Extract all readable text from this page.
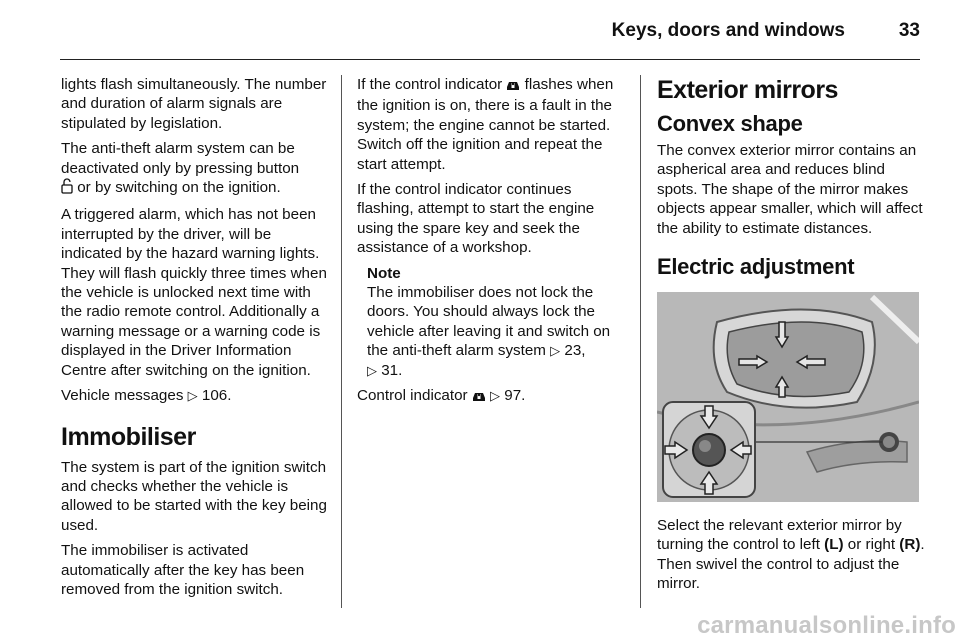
Keys, doors and windows	33

lights flash simultaneously. The number and duration of alarm signals are stipulated by legislation.

The anti-theft alarm system can be deactivated only by pressing button
or by switching on the ignition.

A triggered alarm, which has not been interrupted by the driver, will be indicated by the hazard warning lights. They will flash quickly three times when the vehicle is unlocked next time with the radio remote control. Additionally a warning message or a warning code is displayed in the Driver Information Centre after switching on the ignition.

Vehicle messages ▷ 106.

Immobiliser

The system is part of the ignition switch and checks whether the vehicle is allowed to be started with the key being used.

The immobiliser is activated automatically after the key has been removed from the ignition switch.

If the control indicator  flashes when the ignition is on, there is a fault in the system; the engine cannot be started. Switch off the ignition and repeat the start attempt.

If the control indicator continues flashing, attempt to start the engine using the spare key and seek the assistance of a workshop.

Note

The immobiliser does not lock the doors. You should always lock the vehicle after leaving it and switch on the anti-theft alarm system ▷ 23,
▷ 31.

Control indicator  ▷ 97.

Exterior mirrors
Convex shape

The convex exterior mirror contains an aspherical area and reduces blind spots. The shape of the mirror makes objects appear smaller, which will affect the ability to estimate distances.

Electric adjustment

Select the relevant exterior mirror by turning the control to left (L) or right (R). Then swivel the control to adjust the mirror.

carmanualsonline.info
